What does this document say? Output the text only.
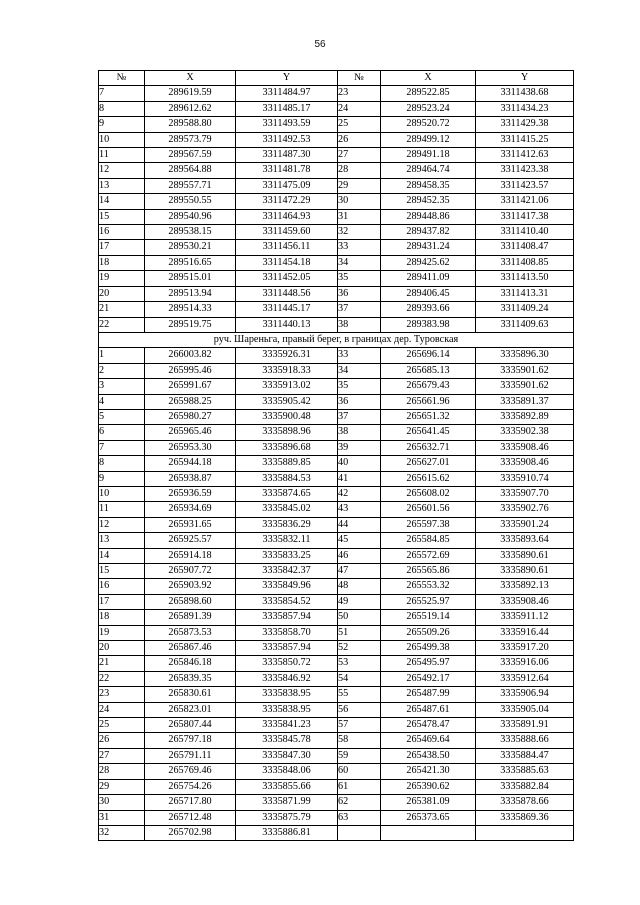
56
№	X	Y	№	X	Y
7	289619.59	3311484.97	23	289522.85	3311438.68
8	289612.62	3311485.17	24	289523.24	3311434.23
9	289588.80	3311493.59	25	289520.72	3311429.38
10	289573.79	3311492.53	26	289499.12	3311415.25
11	289567.59	3311487.30	27	289491.18	3311412.63
12	289564.88	3311481.78	28	289464.74	3311423.38
13	289557.71	3311475.09	29	289458.35	3311423.57
14	289550.55	3311472.29	30	289452.35	3311421.06
15	289540.96	3311464.93	31	289448.86	3311417.38
16	289538.15	3311459.60	32	289437.82	3311410.40
17	289530.21	3311456.11	33	289431.24	3311408.47
18	289516.65	3311454.18	34	289425.62	3311408.85
19	289515.01	3311452.05	35	289411.09	3311413.50
20	289513.94	3311448.56	36	289406.45	3311413.31
21	289514.33	3311445.17	37	289393.66	3311409.24
22	289519.75	3311440.13	38	289383.98	3311409.63
руч. Шареньга, правый берег, в границах дер. Туровская					
1	266003.82	3335926.31	33	265696.14	3335896.30
2	265995.46	3335918.33	34	265685.13	3335901.62
3	265991.67	3335913.02	35	265679.43	3335901.62
4	265988.25	3335905.42	36	265661.96	3335891.37
5	265980.27	3335900.48	37	265651.32	3335892.89
6	265965.46	3335898.96	38	265641.45	3335902.38
7	265953.30	3335896.68	39	265632.71	3335908.46
8	265944.18	3335889.85	40	265627.01	3335908.46
9	265938.87	3335884.53	41	265615.62	3335910.74
10	265936.59	3335874.65	42	265608.02	3335907.70
11	265934.69	3335845.02	43	265601.56	3335902.76
12	265931.65	3335836.29	44	265597.38	3335901.24
13	265925.57	3335832.11	45	265584.85	3335893.64
14	265914.18	3335833.25	46	265572.69	3335890.61
15	265907.72	3335842.37	47	265565.86	3335890.61
16	265903.92	3335849.96	48	265553.32	3335892.13
17	265898.60	3335854.52	49	265525.97	3335908.46
18	265891.39	3335857.94	50	265519.14	3335911.12
19	265873.53	3335858.70	51	265509.26	3335916.44
20	265867.46	3335857.94	52	265499.38	3335917.20
21	265846.18	3335850.72	53	265495.97	3335916.06
22	265839.35	3335846.92	54	265492.17	3335912.64
23	265830.61	3335838.95	55	265487.99	3335906.94
24	265823.01	3335838.95	56	265487.61	3335905.04
25	265807.44	3335841.23	57	265478.47	3335891.91
26	265797.18	3335845.78	58	265469.64	3335888.66
27	265791.11	3335847.30	59	265438.50	3335884.47
28	265769.46	3335848.06	60	265421.30	3335885.63
29	265754.26	3335855.66	61	265390.62	3335882.84
30	265717.80	3335871.99	62	265381.09	3335878.66
31	265712.48	3335875.79	63	265373.65	3335869.36
32	265702.98	3335886.81			
